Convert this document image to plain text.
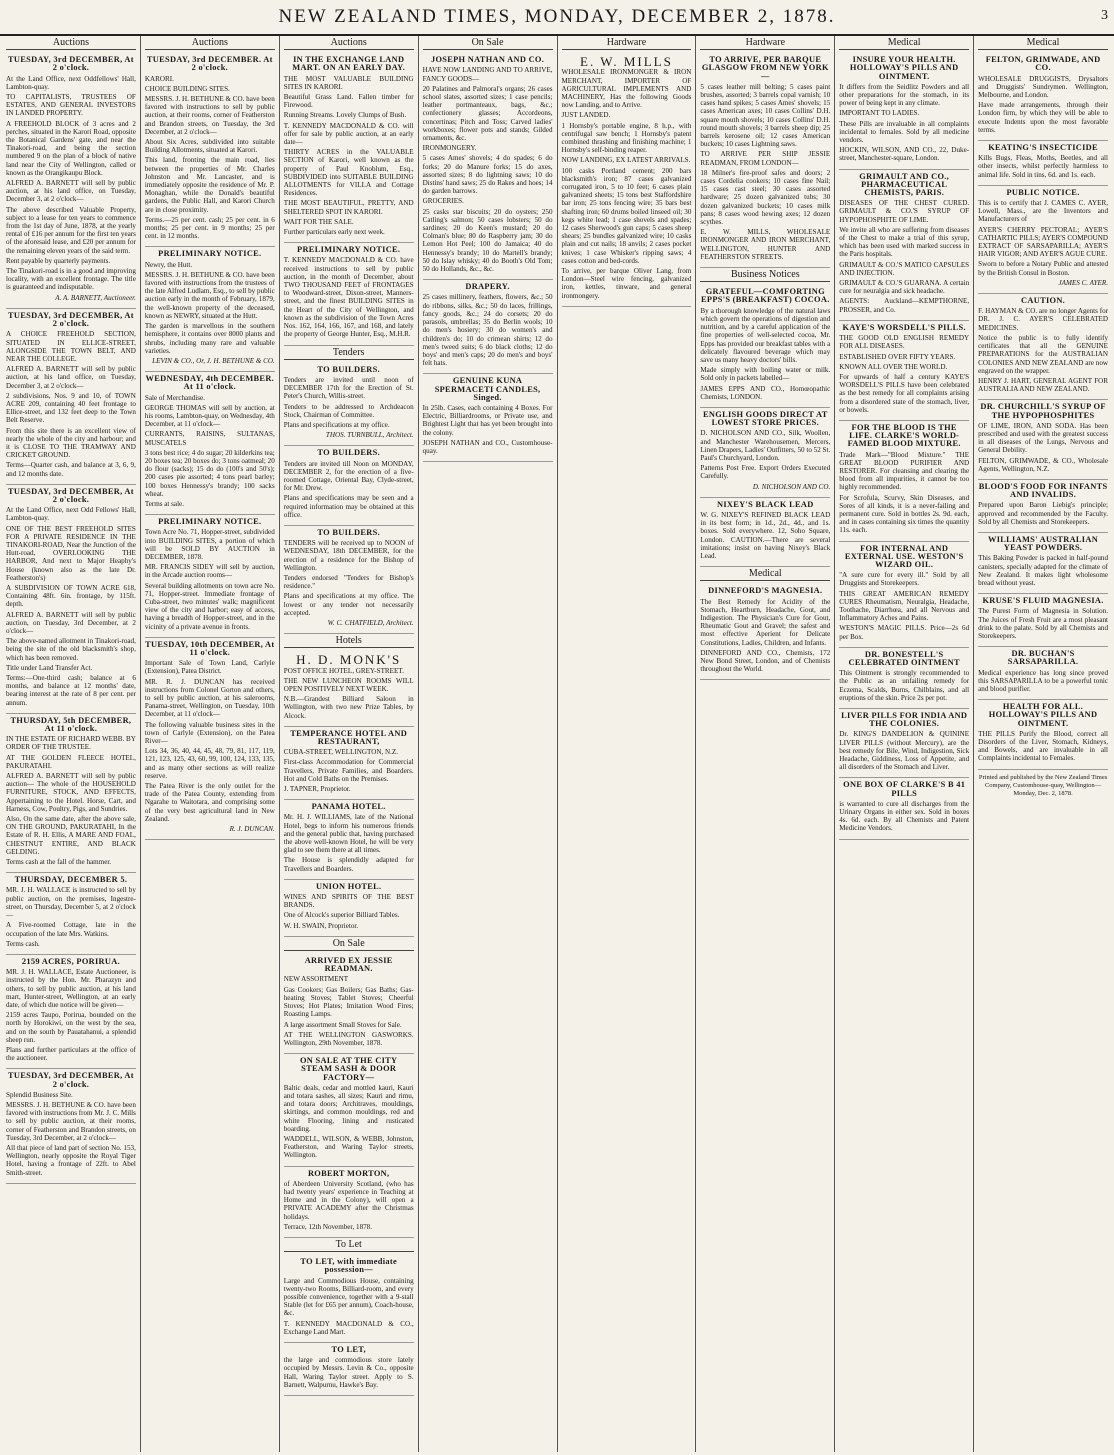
NEW ZEALAND TIMES, MONDAY, DECEMBER 2, 1878.	3
Auctions
TUESDAY, 3rd DECEMBER, At 2 o'clock.

At the Land Office, next Oddfellows' Hall, Lambton-quay.

TO CAPITALISTS, TRUSTEES OF ESTATES, AND GENERAL INVESTORS IN LANDED PROPERTY.

A FREEHOLD BLOCK of 3 acres and 2 perches, situated in the Karori Road, opposite the Botanical Gardens' gate, and near the Tinakori-road, and being the section numbered 9 on the plan of a block of native land near the City of Wellington, called or known as the Orangikaupu Block.

ALFRED A. BARNETT will sell by public auction, at his land office, on Tuesday, December 3, at 2 o'clock—

The above described Valuable Property, subject to a lease for ten years to commence from the 1st day of June, 1878, at the yearly rental of £16 per annum for the first ten years of the aforesaid lease, and £20 per annum for the remaining eleven years of the said term.

Rent payable by quarterly payments.

The Tinakori-road is in a good and improving locality, with an excellent frontage. The title is guaranteed and indisputable.

A. A. BARNETT, Auctioneer.

TUESDAY, 3rd DECEMBER, At 2 o'clock.

A CHOICE FREEHOLD SECTION, SITUATED IN ELLICE-STREET, ALONGSIDE THE TOWN BELT, AND NEAR THE COLLEGE.

ALFRED A. BARNETT will sell by public auction, at his land office, on Tuesday, December 3, at 2 o'clock—

2 subdivisions, Nos. 9 and 10, of TOWN ACRE 209, containing 40 feet frontage to Ellice-street, and 132 feet deep to the Town Belt Reserve.

From this site there is an excellent view of nearly the whole of the city and harbour; and it is CLOSE TO THE TRAMWAY AND CRICKET GROUND.

Terms—Quarter cash, and balance at 3, 6, 9, and 12 months date.

TUESDAY, 3rd DECEMBER, At 2 o'clock.

At the Land Office, next Odd Fellows' Hall, Lambton-quay.

ONE OF THE BEST FREEHOLD SITES FOR A PRIVATE RESIDENCE IN THE TINAKORI-ROAD, Near the Junction of the Hutt-road, OVERLOOKING THE HARBOR, And next to Major Heaphy's House (known also as the late Dr. Featherston's)

A SUBDIVISION OF TOWN ACRE 618, Containing 48ft. 6in. frontage, by 115ft. depth.

ALFRED A. BARNETT will sell by public auction, on Tuesday, 3rd December, at 2 o'clock—

The above-named allotment in Tinakori-road, being the site of the old blacksmith's shop, which has been removed.

Title under Land Transfer Act.

Terms:—One-third cash; balance at 6 months, and balance at 12 months' date, bearing interest at the rate of 8 per cent. per annum.

THURSDAY, 5th DECEMBER, At 11 o'clock.

IN THE ESTATE OF RICHARD WEBB. BY ORDER OF THE TRUSTEE.

AT THE GOLDEN FLEECE HOTEL, PAKURATAHI.

ALFRED A. BARNETT will sell by public auction— The whole of the HOUSEHOLD FURNITURE, STOCK, AND EFFECTS, Appertaining to the Hotel. Horse, Cart, and Harness, Cow, Poultry, Pigs, and Sundries.

Also, On the same date, after the above sale, ON THE GROUND, PAKURATAHI, In the Estate of R. H. Ellis, A MARE AND FOAL, CHESTNUT ENTIRE, AND BLACK GELDING.

Terms cash at the fall of the hammer.

THURSDAY, DECEMBER 5.

MR. J. H. WALLACE is instructed to sell by public auction, on the premises, Ingestre-street, on Thursday, December 5, at 2 o'clock—

A Five-roomed Cottage, late in the occupation of the late Mrs. Watkins.

Terms cash.

2159 ACRES, PORIRUA.

MR. J. H. WALLACE, Estate Auctioneer, is instructed by the Hon. Mr. Pharazyn and others, to sell by public auction, at his land mart, Hunter-street, Wellington, at an early date, of which due notice will be given—

2159 acres Taupo, Porirua, bounded on the north by Horokiwi, on the west by the sea, and on the south by Pauatahanui, a splendid sheep run.

Plans and further particulars at the office of the auctioneer.

TUESDAY, 3rd DECEMBER, At 2 o'clock.

Splendid Business Site.

MESSRS. J. H. BETHUNE & CO. have been favored with instructions from Mr. J. C. Mills to sell by public auction, at their rooms, corner of Featherston and Brandon streets, on Tuesday, 3rd December, at 2 o'clock—

All that piece of land part of section No. 153, Wellington, nearly opposite the Royal Tiger Hotel, having a frontage of 22ft. to Abel Smith-street.

Auctions
TUESDAY, 3rd DECEMBER. At 2 o'clock.

KARORI.

CHOICE BUILDING SITES.

MESSRS. J. H. BETHUNE & CO. have been favored with instructions to sell by public auction, at their rooms, corner of Featherston and Brandon streets, on Tuesday, the 3rd December, at 2 o'clock—

About Six Acres, subdivided into suitable Building Allotments, situated at Karori.

This land, fronting the main road, lies between the properties of Mr. Charles Johnston and Mr. Lancaster, and is immediately opposite the residence of Mr. P. Monaghan, while the Donald's beautiful gardens, the Public Hall, and Karori Church are in close proximity.

Terms.—25 per cent. cash; 25 per cent. in 6 months; 25 per cent. in 9 months; 25 per cent. in 12 months.

PRELIMINARY NOTICE.

Newry, the Hutt.

MESSRS. J. H. BETHUNE & CO. have been favored with instructions from the trustees of the late Alfred Ludlam, Esq., to sell by public auction early in the month of February, 1879, the well-known property of the deceased, known as NEWRY, situated at the Hutt.

The garden is marvellous in the southern hemisphere, it contains over 8000 plants and shrubs, including many rare and valuable varieties.

LEVIN & CO., Or, J. H. BETHUNE & CO.

WEDNESDAY, 4th DECEMBER. At 11 o'clock.

Sale of Merchandise.

GEORGE THOMAS will sell by auction, at his rooms, Lambton-quay, on Wednesday, 4th December, at 11 o'clock—

CURRANTS, RAISINS, SULTANAS, MUSCATELS

3 tons best rice; 4 do sugar; 20 kilderkins tea; 20 boxes tea; 20 boxes do; 3 tons oatmeal; 20 do flour (sacks); 15 do do (100's and 50's); 200 cases pie assorted; 4 tons pearl barley; 100 boxes Hennessy's brandy; 100 sacks wheat.

Terms at sale.

PRELIMINARY NOTICE.

Town Acre No. 71, Hopper-street, subdivided into BUILDING SITES, a portion of which will be SOLD BY AUCTION in DECEMBER, 1878.

MR. FRANCIS SIDEY will sell by auction, in the Arcade auction rooms—

Several building allotments on town acre No. 71, Hopper-street. Immediate frontage of Cuba-street, two minutes' walk; magnificent view of the city and harbor; easy of access, having a breadth of Hopper-street, and in the vicinity of a private avenue in fronts.

TUESDAY, 10th DECEMBER, At 11 o'clock.

Important Sale of Town Land, Carlyle (Extension), Patea District.

MR. R. J. DUNCAN has received instructions from Colonel Gorton and others, to sell by public auction, at his salerooms, Panama-street, Wellington, on Tuesday, 10th December, at 11 o'clock—

The following valuable business sites in the town of Carlyle (Extension), on the Patea River—

Lots 34, 36, 40, 44, 45, 48, 79, 81, 117, 119, 121, 123, 125, 43, 60, 99, 100, 124, 133, 135, and as many other sections as will realize reserve.

The Patea River is the only outlet for the trade of the Patea County, extending from Ngarahe to Waitotara, and comprising some of the very best agricultural land in New Zealand.

R. J. DUNCAN.

Auctions
IN THE EXCHANGE LAND MART. ON AN EARLY DAY.

THE MOST VALUABLE BUILDING SITES IN KARORI.

Beautiful Grass Land. Fallen timber for Firewood.

Running Streams. Lovely Clumps of Bush.

T. KENNEDY MACDONALD & CO. will offer for sale by public auction, at an early date—

THIRTY ACRES in the VALUABLE SECTION of Karori, well known as the property of Paul Knoblum, Esq., SUBDIVIDED into SUITABLE BUILDING ALLOTMENTS for VILLA and Cottage Residences.

THE MOST BEAUTIFUL, PRETTY, AND SHELTERED SPOT IN KARORI.

WAIT FOR THE SALE.

Further particulars early next week.

PRELIMINARY NOTICE.

T. KENNEDY MACDONALD & CO. have received instructions to sell by public auction, in the month of December, about TWO THOUSAND FEET of FRONTAGES to Woodward-street, Dixon-street, Manners-street, and the finest BUILDING SITES in the Heart of the City of Wellington, and known as the subdivision of the Town Acres Nos. 162, 164, 166, 167, and 168, and lately the property of George Hunter, Esq., M.H.R.

Tenders
TO BUILDERS.

Tenders are invited until noon of DECEMBER 17th for the Erection of St. Peter's Church, Willis-street.

Tenders to be addressed to Archdeacon Stock, Chairman of Committee.

Plans and specifications at my office.

THOS. TURNBULL, Architect.

TO BUILDERS.

Tenders are invited till Noon on MONDAY, DECEMBER 2, for the erection of a five-roomed Cottage, Oriental Bay, Clyde-street, for Mr. Drew.

Plans and specifications may be seen and a required information may be obtained at this office.

TO BUILDERS.

TENDERS will be received up to NOON of WEDNESDAY, 18th DECEMBER, for the erection of a residence for the Bishop of Wellington.

Tenders endorsed "Tenders for Bishop's residence."

Plans and specifications at my office. The lowest or any tender not necessarily accepted.

W. C. CHATFIELD, Architect.

Hotels
H. D. MONK'S

POST OFFICE HOTEL, GREY-STREET.

THE NEW LUNCHEON ROOMS WILL OPEN POSITIVELY NEXT WEEK.

N.B.—Grandest Billiard Saloon in Wellington, with two new Prize Tables, by Alcock.

TEMPERANCE HOTEL AND RESTAURANT,

CUBA-STREET, WELLINGTON, N.Z.

First-class Accommodation for Commercial Travellers, Private Families, and Boarders. Hot and Cold Baths on the Premises.

J. TAPNER, Proprietor.

PANAMA HOTEL.

Mr. H. J. WILLIAMS, late of the National Hotel, begs to inform his numerous friends and the general public that, having purchased the above well-known Hotel, he will be very glad to see them there at all times.

The House is splendidly adapted for Travellers and Boarders.

UNION HOTEL.

WINES AND SPIRITS OF THE BEST BRANDS.

One of Alcock's superior Billiard Tables.

W. H. SWAIN, Proprietor.

On Sale
ARRIVED EX JESSIE READMAN.

NEW ASSORTMENT

Gas Cookers; Gas Boilers; Gas Baths; Gas-heating Stoves; Tablet Stoves; Cheerful Stoves; Hot Plates; Imitation Wood Fires; Roasting Lamps.

A large assortment Small Stoves for Sale.

AT THE WELLINGTON GASWORKS. Wellington, 29th November, 1878.

ON SALE AT THE CITY STEAM SASH & DOOR FACTORY—

Baltic deals, cedar and mottled kauri, Kauri and totara sashes, all sizes; Kauri and rimu, and totara doors; Architraves, mouldings, skirtings, and common mouldings, red and white Flooring, lining and rusticated boarding.

WADDELL, WILSON, & WEBB, Johnston, Featherston, and Waring Taylor streets, Wellington.

ROBERT MORTON,

of Aberdeen University Scotland, (who has had twenty years' experience in Teaching at Home and in the Colony), will open a PRIVATE ACADEMY after the Christmas holidays.

Terrace, 12th November, 1878.

To Let
TO LET, with immediate possession—

Large and Commodious House, containing twenty-two Rooms, Billiard-room, and every possible convenience, together with a 9-stall Stable (let for £65 per annum), Coach-house, &c.

T. KENNEDY MACDONALD & CO., Exchange Land Mart.

TO LET,

the large and commodious store lately occupied by Messrs. Levin & Co., opposite Hall, Waring Taylor street. Apply to S. Barnett, Walpurnu, Hawke's Bay.

On Sale
JOSEPH NATHAN AND CO.

HAVE NOW LANDING AND TO ARRIVE, FANCY GOODS—

20 Palatines and Palmoral's organs; 26 cases school slates, assorted sizes; 1 case pencils; leather portmanteaux, bags, &c.; confectionery glasses; Accordeons, concertinas; Pitch and Toss; Carved ladies' workboxes; flower pots and stands; Gilded ornaments, &c.

IRONMONGERY.

5 cases Ames' shovels; 4 do spades; 6 do forks; 20 do Manure forks; 15 do axes, assorted sizes; 8 do lightning saws; 10 do Distins' hand saws; 25 do Rakes and hoes; 14 do garden barrows.

GROCERIES.

25 casks star biscuits; 20 do oysters; 250 Catling's salmon; 50 cases lobsters; 50 do sardines; 20 do Keen's mustard; 20 do Colman's blue; 80 do Raspberry jam; 30 do Lemon Hot Peel; 100 do Jamaica; 40 do Hennessy's brandy; 10 do Martell's brandy; 50 do Islay whisky; 40 do Booth's Old Tom; 50 do Hollands, &c., &c.

DRAPERY.

25 cases millinery, feathers, flowers, &c.; 50 do ribbons, silks, &c.; 50 do laces, frillings, fancy goods, &c.; 24 do corsets; 20 do parasols, umbrellas; 35 do Berlin wools; 10 do men's hosiery; 30 do women's and children's do; 10 do crimean shirts; 12 do men's tweed suits; 6 do black cloths; 12 do boys' and men's caps; 20 do men's and boys' felt hats.

GENUINE KUNA SPERMACETI CANDLES, Singed.

In 25lb. Cases, each containing 4 Boxes. For Electric, Billiardrooms, or Private use, and Brightest Light that has yet been brought into the colony.

JOSEPH NATHAN and CO., Customhouse-quay.

Hardware
E. W. MILLS

WHOLESALE IRONMONGER & IRON MERCHANT, IMPORTER OF AGRICULTURAL IMPLEMENTS AND MACHINERY, Has the following Goods now Landing, and to Arrive.

JUST LANDED.

1 Hornsby's portable engine, 8 h.p., with centrifugal saw bench; 1 Hornsby's patent combined thrashing and finishing machine; 1 Hornsby's self-binding reaper.

NOW LANDING, EX LATEST ARRIVALS.

100 casks Portland cement; 200 bars blacksmith's iron; 87 cases galvanized corrugated iron, 5 to 10 feet; 6 cases plain galvanized sheets; 15 tons best Staffordshire bar iron; 25 tons fencing wire; 35 bars best shafting iron; 60 drums boiled linseed oil; 30 kegs white lead; 1 case shovels and spades; 12 cases Sherwood's gun caps; 5 cases sheep shears; 25 bundles galvanized wire; 10 casks plain and cut nails; 18 anvils; 2 cases pocket knives; 1 case Whisker's ripping saws; 4 cases cotton and bed-cords.

To arrive, per barque Oliver Lang, from London—Steel wire fencing, galvanized iron, kettles, tinware, and general ironmongery.

Hardware
TO ARRIVE, PER BARQUE GLASGOW FROM NEW YORK—

5 cases leather mill belting; 5 cases paint brushes, assorted; 3 barrels copal varnish; 10 cases hand spikes; 5 cases Ames' shovels; 15 cases American axes; 10 cases Collins' D.H. square mouth shovels; 10 cases Collins' D.H. round mouth shovels; 3 barrels sheep dip; 25 barrels kerosene oil; 12 cases American buckets; 10 cases Lightning saws.

TO ARRIVE PER SHIP JESSIE READMAN, FROM LONDON—

18 Milner's fire-proof safes and doors; 2 cases Cordelia cookers; 10 cases fine Nail; 15 cases cast steel; 30 cases assorted hardware; 25 dozen galvanized tubs; 30 dozen galvanized buckets; 10 cases milk pans; 8 cases wood hewing axes; 12 dozen scythes.

E. W. MILLS, WHOLESALE IRONMONGER AND IRON MERCHANT, WELLINGTON, HUNTER AND FEATHERSTON STREETS.

Business Notices
GRATEFUL—COMFORTING EPPS'S (BREAKFAST) COCOA.

By a thorough knowledge of the natural laws which govern the operations of digestion and nutrition, and by a careful application of the fine properties of well-selected cocoa, Mr. Epps has provided our breakfast tables with a delicately flavoured beverage which may save us many heavy doctors' bills.

Made simply with boiling water or milk. Sold only in packets labelled—

JAMES EPPS AND CO., Homœopathic Chemists, LONDON.

ENGLISH GOODS DIRECT AT LOWEST STORE PRICES.

D. NICHOLSON AND CO., Silk, Woollen, and Manchester Warehousemen, Mercers, Linen Drapers, Ladies' Outfitters, 50 to 52 St. Paul's Churchyard, London.

Patterns Post Free. Export Orders Executed Carefully.

D. NICHOLSON AND CO.

NIXEY'S BLACK LEAD

W. G. NIXEY'S REFINED BLACK LEAD in its best form; in 1d., 2d., 4d., and 1s. boxes. Sold everywhere. 12, Soho Square, London. CAUTION.—There are several imitations; insist on having Nixey's Black Lead.

Medical
DINNEFORD'S MAGNESIA.

The Best Remedy for Acidity of the Stomach, Heartburn, Headache, Gout, and Indigestion. The Physician's Cure for Gout, Rheumatic Gout and Gravel; the safest and most effective Aperient for Delicate Constitutions, Ladies, Children, and Infants.

DINNEFORD AND CO., Chemists, 172 New Bond Street, London, and of Chemists throughout the World.

Medical
INSURE YOUR HEALTH. HOLLOWAY'S PILLS AND OINTMENT.

It differs from the Seidlitz Powders and all other preparations for the stomach, in its power of being kept in any climate.

IMPORTANT TO LADIES.

These Pills are invaluable in all complaints incidental to females. Sold by all medicine vendors.

HOCKIN, WILSON, AND CO., 22, Duke-street, Manchester-square, London.

GRIMAULT AND CO., PHARMACEUTICAL CHEMISTS, PARIS.

DISEASES OF THE CHEST CURED. GRIMAULT & CO.'S SYRUP OF HYPOPHOSPHITE OF LIME.

We invite all who are suffering from diseases of the Chest to make a trial of this syrup, which has been used with marked success in the Paris hospitals.

GRIMAULT & CO.'S MATICO CAPSULES AND INJECTION.

GRIMAULT & CO.'S GUARANA. A certain cure for neuralgia and sick headache.

AGENTS: Auckland—KEMPTHORNE, PROSSER, and Co.

KAYE'S WORSDELL'S PILLS.

THE GOOD OLD ENGLISH REMEDY FOR ALL DISEASES.

ESTABLISHED OVER FIFTY YEARS.

KNOWN ALL OVER THE WORLD.

For upwards of half a century KAYE'S WORSDELL'S PILLS have been celebrated as the best remedy for all complaints arising from a disordered state of the stomach, liver, or bowels.

FOR THE BLOOD IS THE LIFE. CLARKE'S WORLD-FAMED BLOOD MIXTURE.

Trade Mark—"Blood Mixture." THE GREAT BLOOD PURIFIER AND RESTORER. For cleansing and clearing the blood from all impurities, it cannot be too highly recommended.

For Scrofula, Scurvy, Skin Diseases, and Sores of all kinds, it is a never-failing and permanent cure. Sold in bottles 2s. 9d. each, and in cases containing six times the quantity 11s. each.

FOR INTERNAL AND EXTERNAL USE. WESTON'S WIZARD OIL.

"A sure cure for every ill." Sold by all Druggists and Storekeepers.

THIS GREAT AMERICAN REMEDY CURES Rheumatism, Neuralgia, Headache, Toothache, Diarrhœa, and all Nervous and Inflammatory Aches and Pains.

WESTON'S MAGIC PILLS. Price—2s 6d per Box.

DR. BONESTELL'S CELEBRATED OINTMENT

This Ointment is strongly recommended to the Public as an unfailing remedy for Eczema, Scalds, Burns, Chilblains, and all eruptions of the skin. Price 2s per pot.

LIVER PILLS FOR INDIA AND THE COLONIES.

Dr. KING'S DANDELION & QUININE LIVER PILLS (without Mercury), are the best remedy for Bile, Wind, Indigestion, Sick Headache, Giddiness, Loss of Appetite, and all disorders of the Stomach and Liver.

ONE BOX OF CLARKE'S B 41 PILLS

is warranted to cure all discharges from the Urinary Organs in either sex. Sold in boxes 4s. 6d. each. By all Chemists and Patent Medicine Vendors.

Medical
FELTON, GRIMWADE, AND CO.

WHOLESALE DRUGGISTS, Drysaltors and Druggists' Sundrymen. Wellington, Melbourne, and London.

Have made arrangements, through their London firm, by which they will be able to execute Indents upon the most favorable terms.

KEATING'S INSECTICIDE

Kills Bugs, Fleas, Moths, Beetles, and all other insects, whilst perfectly harmless to animal life. Sold in tins, 6d. and 1s. each.

PUBLIC NOTICE.

This is to certify that J. CAMES C. AYER, Lowell, Mass., are the Inventors and Manufacturers of

AYER'S CHERRY PECTORAL; AYER'S CATHARTIC PILLS; AYER'S COMPOUND EXTRACT OF SARSAPARILLA; AYER'S HAIR VIGOR; AND AYER'S AGUE CURE.

Sworn to before a Notary Public and attested by the British Consul in Boston.

JAMES C. AYER.

CAUTION.

F. HAYMAN & CO. are no longer Agents for DR. J. C. AYER'S CELEBRATED MEDICINES.

Notice the public is to fully identify certificates that all the GENUINE PREPARATIONS for the AUSTRALIAN COLONIES AND NEW ZEALAND are now engraved on the wrapper.

HENRY J. HART, GENERAL AGENT FOR AUSTRALIA AND NEW ZEALAND.

DR. CHURCHILL'S SYRUP OF THE HYPOPHOSPHITES

OF LIME, IRON, AND SODA. Has been prescribed and used with the greatest success in all diseases of the Lungs, Nervous and General Debility.

FELTON, GRIMWADE, & CO., Wholesale Agents, Wellington, N.Z.

BLOOD'S FOOD FOR INFANTS AND INVALIDS.

Prepared upon Baron Liebig's principle; approved and recommended by the Faculty. Sold by all Chemists and Storekeepers.

WILLIAMS' AUSTRALIAN YEAST POWDERS.

This Baking Powder is packed in half-pound canisters, specially adapted for the climate of New Zealand. It makes light wholesome bread without yeast.

KRUSE'S FLUID MAGNESIA.

The Purest Form of Magnesia in Solution. The Juices of Fresh Fruit are a most pleasant drink to the palate. Sold by all Chemists and Storekeepers.

DR. BUCHAN'S SARSAPARILLA.

Medical experience has long since proved this SARSAPARILLA to be a powerful tonic and blood purifier.

HEALTH FOR ALL. HOLLOWAY'S PILLS AND OINTMENT.

THE PILLS Purify the Blood, correct all Disorders of the Liver, Stomach, Kidneys, and Bowels, and are invaluable in all Complaints incidental to Females.

Printed and published by the New Zealand Times Company, Customhouse-quay, Wellington—Monday, Dec. 2, 1878.
